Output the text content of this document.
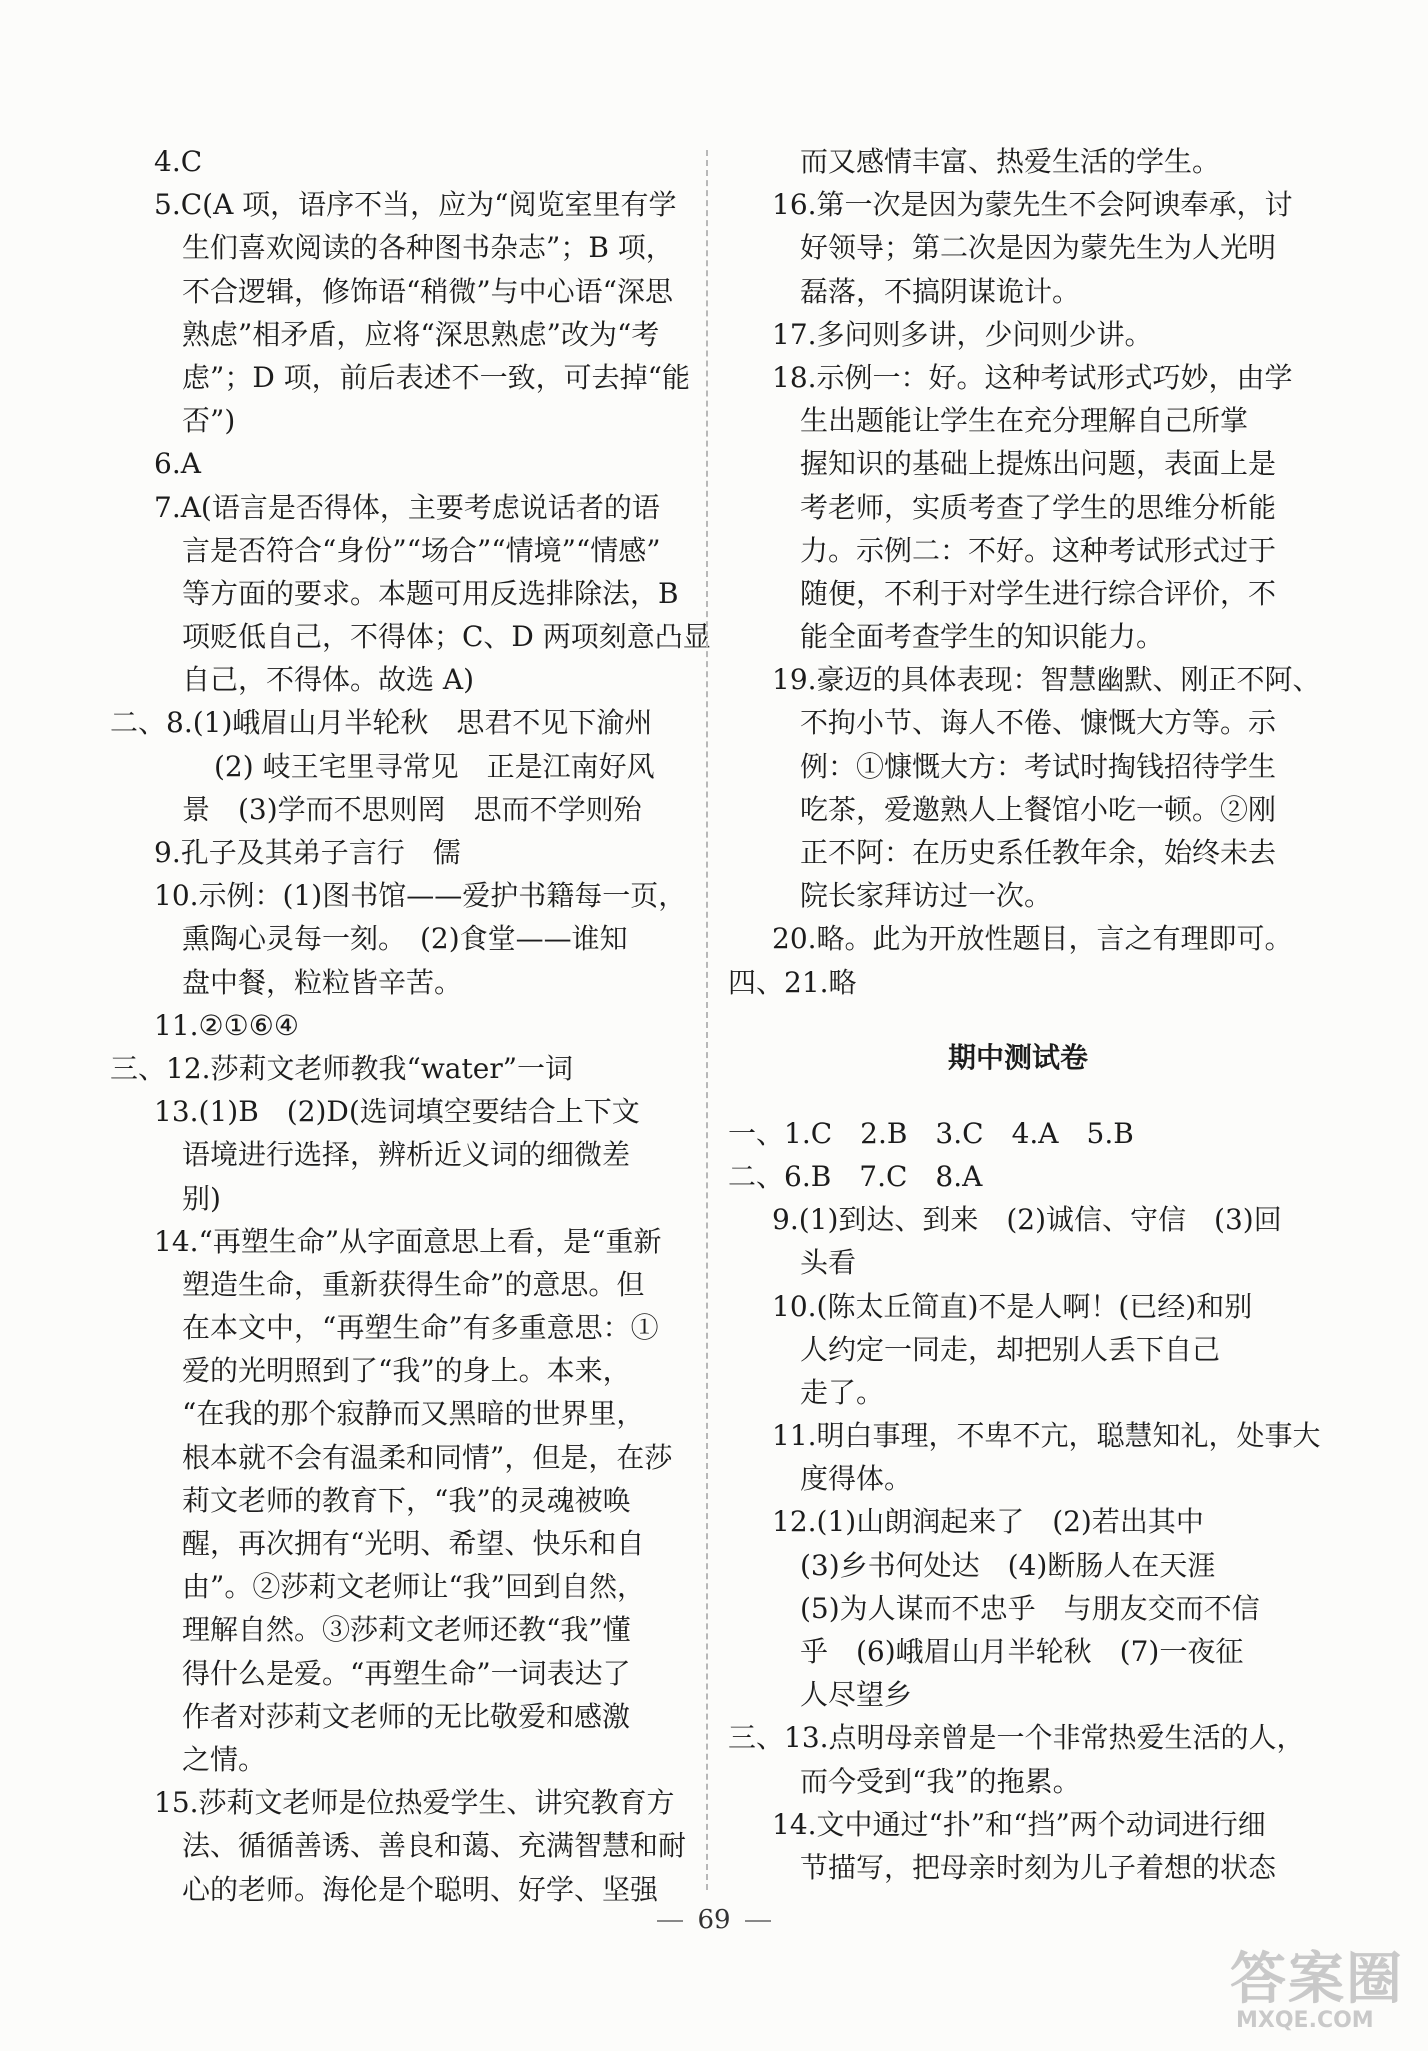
4.C
5.C(A 项，语序不当，应为“阅览室里有学
生们喜欢阅读的各种图书杂志”；B 项，
不合逻辑，修饰语“稍微”与中心语“深思
熟虑”相矛盾，应将“深思熟虑”改为“考
虑”；D 项，前后表述不一致，可去掉“能
否”)
6.A
7.A(语言是否得体，主要考虑说话者的语
言是否符合“身份”“场合”“情境”“情感”
等方面的要求。本题可用反选排除法，B
项贬低自己，不得体；C、D 两项刻意凸显
自己，不得体。故选 A)
二、8.(1)峨眉山月半轮秋　思君不见下渝州
(2) 岐王宅里寻常见　正是江南好风
景　(3)学而不思则罔　思而不学则殆
9.孔子及其弟子言行　儒
10.示例：(1)图书馆——爱护书籍每一页，
熏陶心灵每一刻。　(2)食堂——谁知
盘中餐，粒粒皆辛苦。
11.②①⑥④
三、12.莎莉文老师教我“water”一词
13.(1)B　(2)D(选词填空要结合上下文
语境进行选择，辨析近义词的细微差
别)
14.“再塑生命”从字面意思上看，是“重新
塑造生命，重新获得生命”的意思。但
在本文中，“再塑生命”有多重意思：①
爱的光明照到了“我”的身上。本来，
“在我的那个寂静而又黑暗的世界里，
根本就不会有温柔和同情”，但是，在莎
莉文老师的教育下，“我”的灵魂被唤
醒，再次拥有“光明、希望、快乐和自
由”。②莎莉文老师让“我”回到自然，
理解自然。③莎莉文老师还教“我”懂
得什么是爱。“再塑生命”一词表达了
作者对莎莉文老师的无比敬爱和感激
之情。
15.莎莉文老师是位热爱学生、讲究教育方
法、循循善诱、善良和蔼、充满智慧和耐
心的老师。海伦是个聪明、好学、坚强
而又感情丰富、热爱生活的学生。
16.第一次是因为蒙先生不会阿谀奉承，讨
好领导；第二次是因为蒙先生为人光明
磊落，不搞阴谋诡计。
17.多问则多讲，少问则少讲。
18.示例一：好。这种考试形式巧妙，由学
生出题能让学生在充分理解自己所掌
握知识的基础上提炼出问题，表面上是
考老师，实质考查了学生的思维分析能
力。示例二：不好。这种考试形式过于
随便，不利于对学生进行综合评价，不
能全面考查学生的知识能力。
19.豪迈的具体表现：智慧幽默、刚正不阿、
不拘小节、诲人不倦、慷慨大方等。示
例：①慷慨大方：考试时掏钱招待学生
吃茶，爱邀熟人上餐馆小吃一顿。②刚
正不阿：在历史系任教年余，始终未去
院长家拜访过一次。
20.略。此为开放性题目，言之有理即可。
四、21.略
期中测试卷
一、1.C　2.B　3.C　4.A　5.B
二、6.B　7.C　8.A
9.(1)到达、到来　(2)诚信、守信　(3)回
头看
10.(陈太丘简直)不是人啊！(已经)和别
人约定一同走，却把别人丢下自己
走了。
11.明白事理，不卑不亢，聪慧知礼，处事大
度得体。
12.(1)山朗润起来了　(2)若出其中
(3)乡书何处达　(4)断肠人在天涯
(5)为人谋而不忠乎　与朋友交而不信
乎　(6)峨眉山月半轮秋　(7)一夜征
人尽望乡
三、13.点明母亲曾是一个非常热爱生活的人，
而今受到“我”的拖累。
14.文中通过“扑”和“挡”两个动词进行细
节描写，把母亲时刻为儿子着想的状态
69
答案圈
MXQE.COM
